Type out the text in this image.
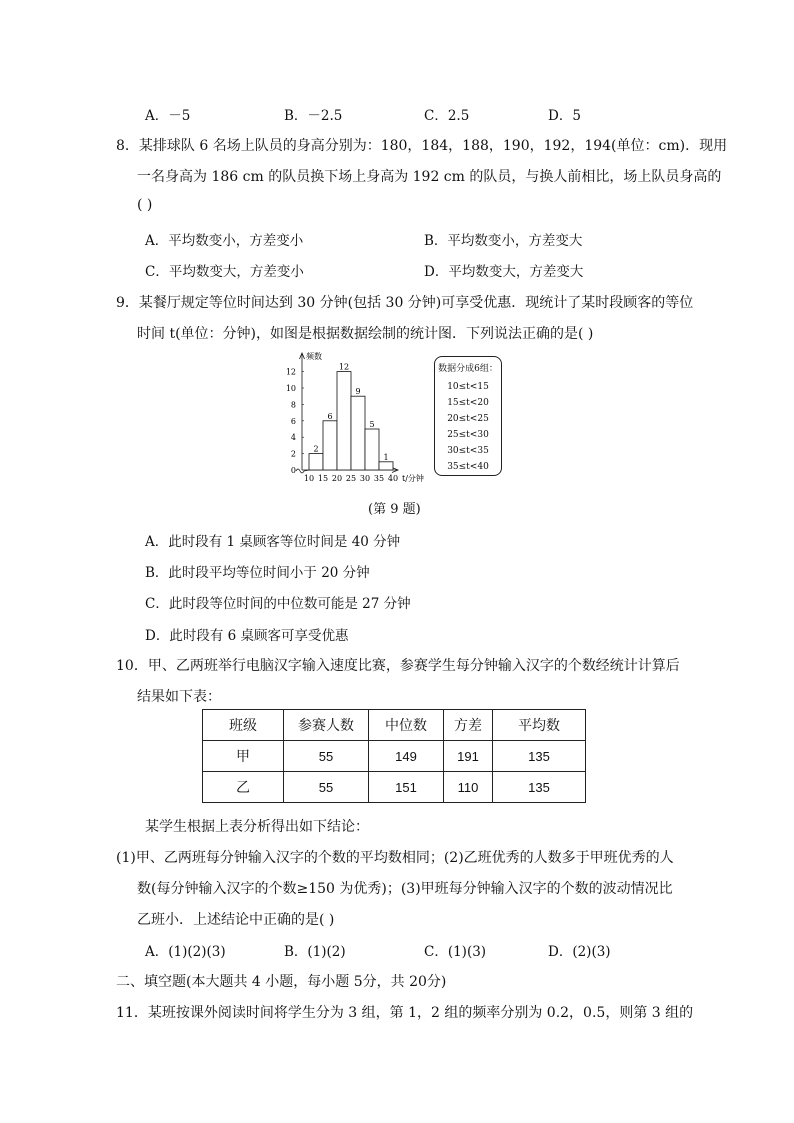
A．－5	B．－2.5	C．2.5	D．5
8．某排球队 6 名场上队员的身高分别为：180，184，188，190，192，194(单位：cm)．现用
一名身高为 186 cm 的队员换下场上身高为 192 cm 的队员，与换人前相比，场上队员身高的
( )
A．平均数变小，方差变小	B．平均数变小，方差变大
C．平均数变大，方差变小	D．平均数变大，方差变大
9．某餐厅规定等位时间达到 30 分钟(包括 30 分钟)可享受优惠．现统计了某时段顾客的等位
时间 t(单位：分钟)，如图是根据数据绘制的统计图．下列说法正确的是( )
0
2
4
6
8
10
12
频数
2
6
12
9
5
1
10 15 20 25 30 35 40 t/分钟
数据分成6组：
10≤t<15
15≤t<20
20≤t<25
25≤t<30
30≤t<35
35≤t<40
(第 9 题)
A．此时段有 1 桌顾客等位时间是 40 分钟
B．此时段平均等位时间小于 20 分钟
C．此时段等位时间的中位数可能是 27 分钟
D．此时段有 6 桌顾客可享受优惠
10．甲、乙两班举行电脑汉字输入速度比赛，参赛学生每分钟输入汉字的个数经统计计算后
结果如下表：
班级	参赛人数	中位数	方差	平均数
甲	55	149	191	135
乙	55	151	110	135
某学生根据上表分析得出如下结论：
(1)甲、乙两班每分钟输入汉字的个数的平均数相同；(2)乙班优秀的人数多于甲班优秀的人
数(每分钟输入汉字的个数≥150 为优秀)；(3)甲班每分钟输入汉字的个数的波动情况比
乙班小．上述结论中正确的是( )
A．(1)(2)(3)	B．(1)(2)	C．(1)(3)	D．(2)(3)
二、填空题(本大题共 4 小题，每小题 5分，共 20分)
11．某班按课外阅读时间将学生分为 3 组，第 1，2 组的频率分别为 0.2，0.5，则第 3 组的
